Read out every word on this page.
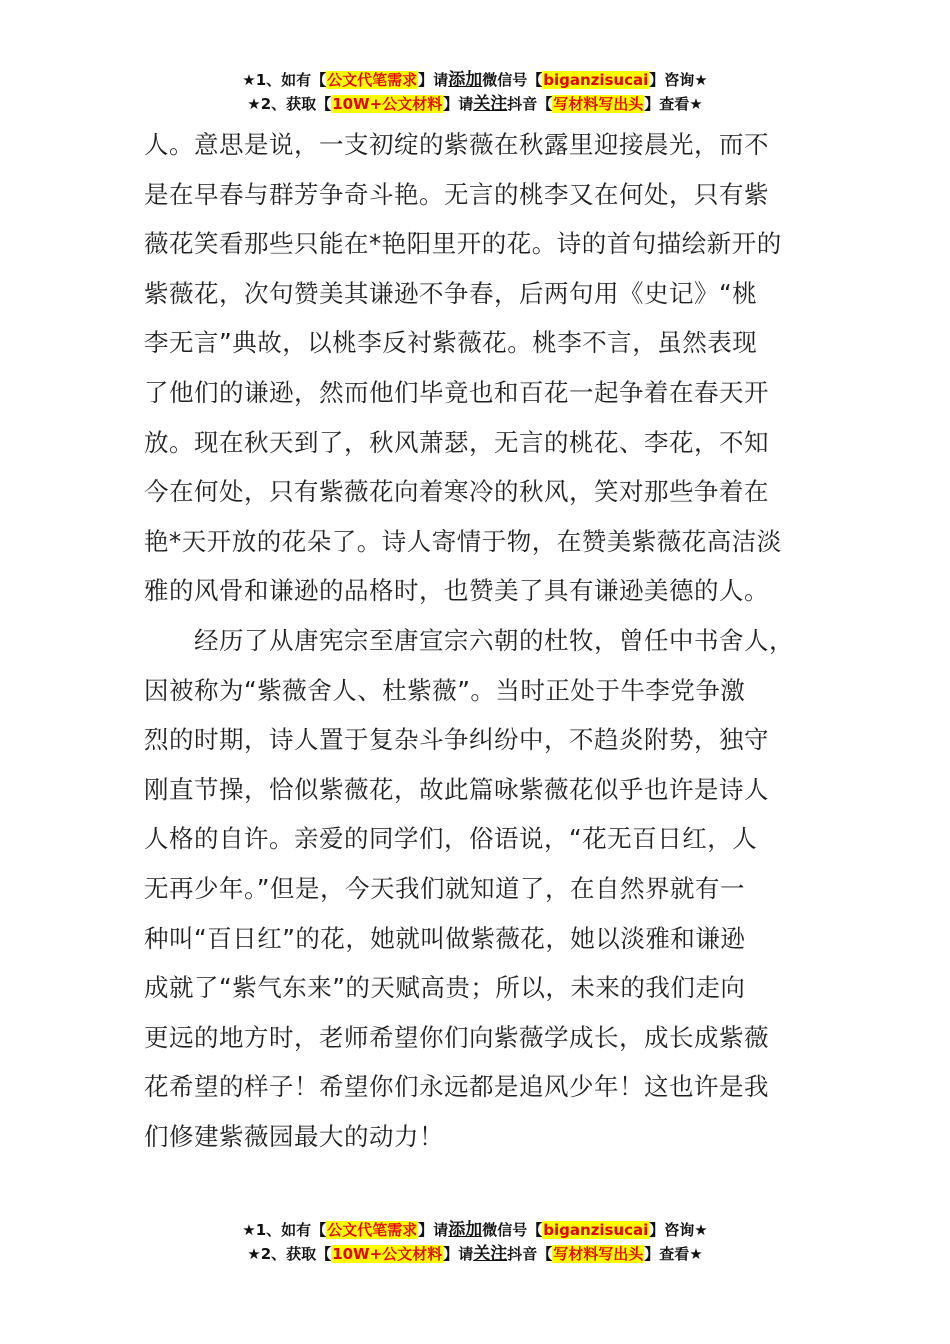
★1、如有【公文代笔需求】请添加微信号【biganzisucai】咨询★
★2、获取【10W+公文材料】请关注抖音【写材料写出头】查看★

人。意思是说，一支初绽的紫薇在秋露里迎接晨光，而不

是在早春与群芳争奇斗艳。无言的桃李又在何处，只有紫

薇花笑看那些只能在*艳阳里开的花。诗的首句描绘新开的

紫薇花，次句赞美其谦逊不争春，后两句用《史记》“桃

李无言”典故，以桃李反衬紫薇花。桃李不言，虽然表现

了他们的谦逊，然而他们毕竟也和百花一起争着在春天开

放。现在秋天到了，秋风萧瑟，无言的桃花、李花，不知

今在何处，只有紫薇花向着寒冷的秋风，笑对那些争着在

艳*天开放的花朵了。诗人寄情于物，在赞美紫薇花高洁淡

雅的风骨和谦逊的品格时，也赞美了具有谦逊美德的人。

　　经历了从唐宪宗至唐宣宗六朝的杜牧，曾任中书舍人，

因被称为“紫薇舍人、杜紫薇”。当时正处于牛李党争激

烈的时期，诗人置于复杂斗争纠纷中，不趋炎附势，独守

刚直节操，恰似紫薇花，故此篇咏紫薇花似乎也许是诗人

人格的自许。亲爱的同学们，俗语说，“花无百日红，人

无再少年。”但是，今天我们就知道了，在自然界就有一

种叫“百日红”的花，她就叫做紫薇花，她以淡雅和谦逊

成就了“紫气东来”的天赋高贵；所以，未来的我们走向

更远的地方时，老师希望你们向紫薇学成长，成长成紫薇

花希望的样子！希望你们永远都是追风少年！这也许是我

们修建紫薇园最大的动力！

★1、如有【公文代笔需求】请添加微信号【biganzisucai】咨询★
★2、获取【10W+公文材料】请关注抖音【写材料写出头】查看★
